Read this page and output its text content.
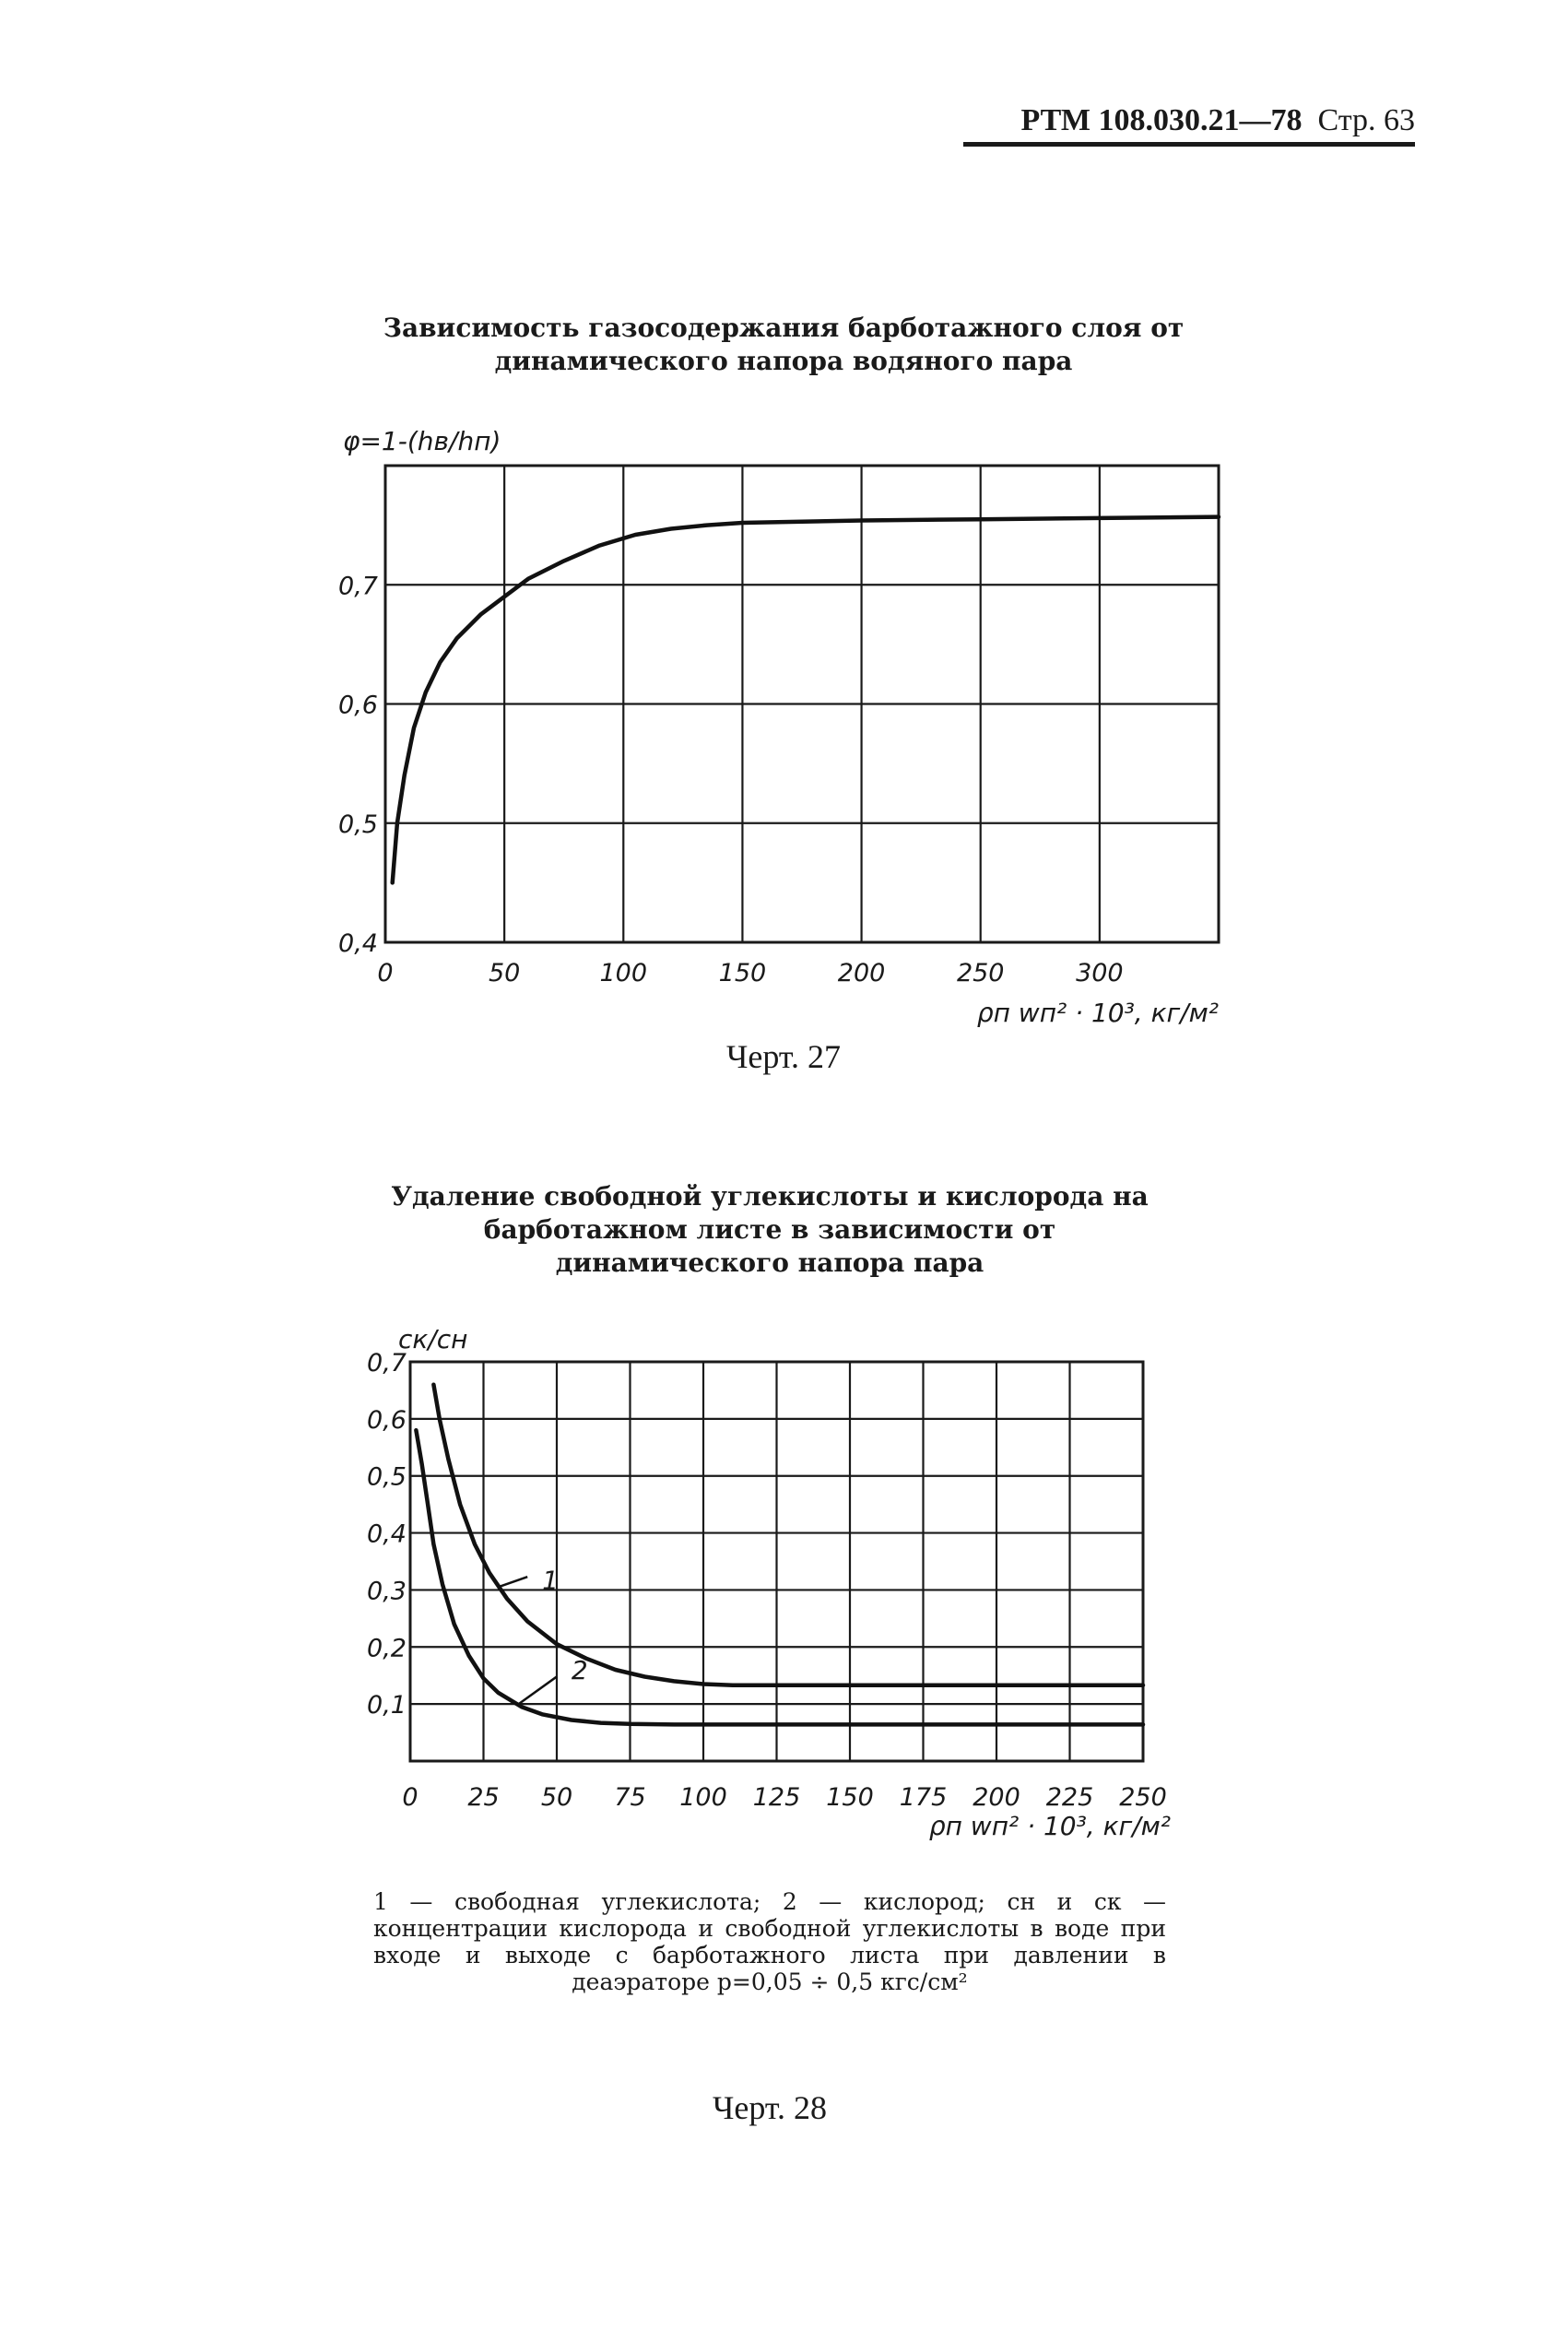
РТМ 108.030.21—78 Стр. 63
Зависимость газосодержания барботажного слоя от динамического напора водяного пара
Черт. 27
Удаление свободной углекислоты и кислорода на барботажном листе в зависимости от динамического напора пара
1 — свободная углекислота; 2 — кислород; cн и cк — концентрации кислорода и свободной углекислоты в воде при входе и выходе с барботажного листа при давлении в деаэраторе p=0,05 ÷ 0,5 кгс/см²
Черт. 28
0	50	100	150	200	250	300
0,4
0,5
0,6
0,7
φ=1-(hв/hп)
ρп wп² · 10³, кг/м²
0 25 50 75 100 125 150 175 200 225 250
0,1
0,2
0,3
0,4
0,5
0,6
0,7
cк/cн
ρп wп² · 10³, кг/м²
1
2
